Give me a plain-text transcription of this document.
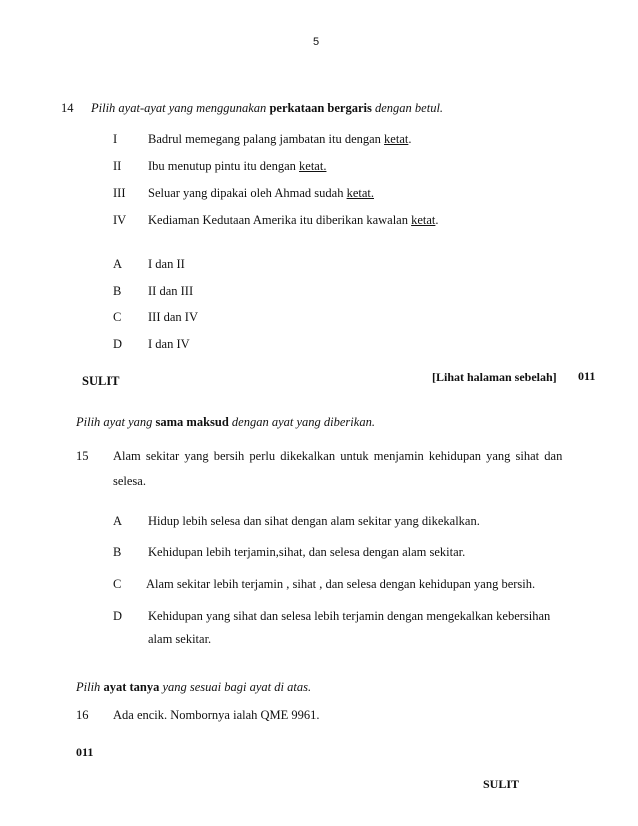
5
14 Pilih ayat-ayat yang menggunakan perkataan bergaris dengan betul.
I Badrul memegang palang jambatan itu dengan ketat.
II Ibu menutup pintu itu dengan ketat.
III Seluar yang dipakai oleh Ahmad sudah ketat.
IV Kediaman Kedutaan Amerika itu diberikan kawalan ketat.
A I dan II
B II dan III
C III dan IV
D I dan IV
SULIT	[Lihat halaman sebelah] 011
Pilih ayat yang sama maksud dengan ayat yang diberikan.
15 Alam sekitar yang bersih perlu dikekalkan untuk menjamin kehidupan yang sihat dan
selesa.
A Hidup lebih selesa dan sihat dengan alam sekitar yang dikekalkan.
B Kehidupan lebih terjamin,sihat, dan selesa dengan alam sekitar.
C Alam sekitar lebih terjamin , sihat , dan selesa dengan kehidupan yang bersih.
D Kehidupan yang sihat dan selesa lebih terjamin dengan mengekalkan kebersihan
alam sekitar.
Pilih ayat tanya yang sesuai bagi ayat di atas.
16 Ada encik. Nombornya ialah QME 9961.
011
SULIT
